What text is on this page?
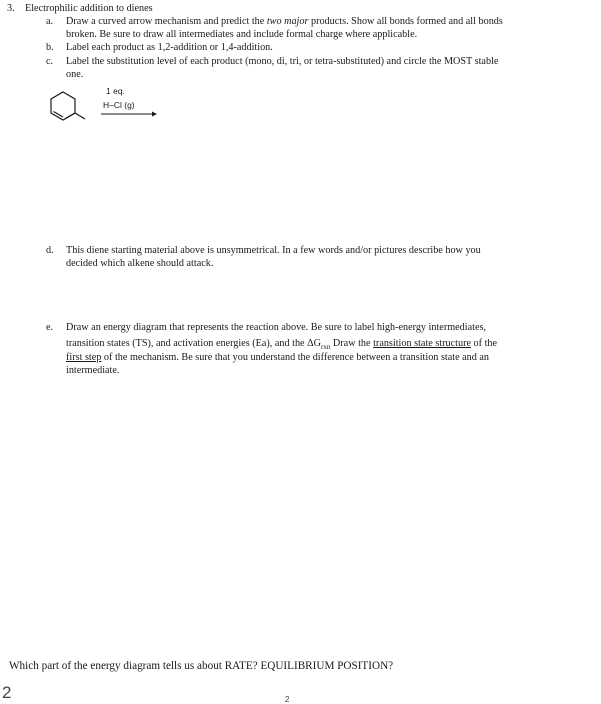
3. Electrophilic addition to dienes
a. Draw a curved arrow mechanism and predict the two major products. Show all bonds formed and all bonds
broken. Be sure to draw all intermediates and include formal charge where applicable.
b. Label each product as 1,2-addition or 1,4-addition.
c. Label the substitution level of each product (mono, di, tri, or tetra-substituted) and circle the MOST stable
one.
1 eq.
H–Cl (g)
d. This diene starting material above is unsymmetrical. In a few words and/or pictures describe how you
decided which alkene should attack.
e. Draw an energy diagram that represents the reaction above. Be sure to label high-energy intermediates,
transition states (TS), and activation energies (Ea), and the $\Delta G_{rxn}$ Draw the transition state structure of the
first step of the mechanism. Be sure that you understand the difference between a transition state and an
intermediate.
Which part of the energy diagram tells us about RATE? EQUILIBRIUM POSITION?
2	2
